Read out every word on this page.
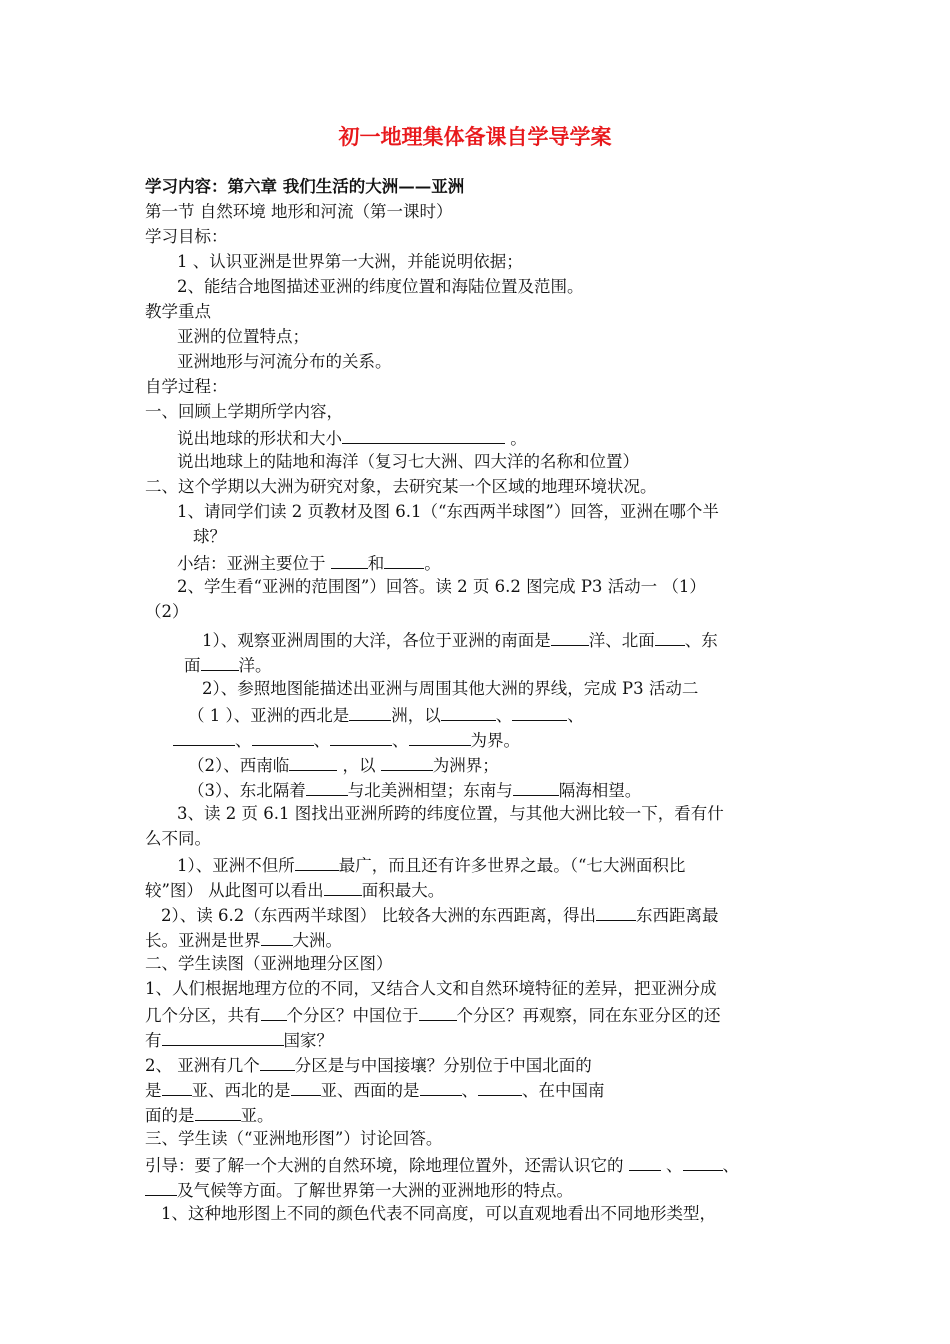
初一地理集体备课自学导学案
学习内容：第六章 我们生活的大洲——亚洲
第一节 自然环境 地形和河流（第一课时）
学习目标：
1 、认识亚洲是世界第一大洲，并能说明依据；
2、能结合地图描述亚洲的纬度位置和海陆位置及范围。
教学重点
亚洲的位置特点；
亚洲地形与河流分布的关系。
自学过程：
一、回顾上学期所学内容，
说出地球的形状和大小	。
说出地球上的陆地和海洋（复习七大洲、四大洋的名称和位置）
二、这个学期以大洲为研究对象，去研究某一个区域的地理环境状况。
1、请同学们读 2 页教材及图 6.1（“东西两半球图”）回答，亚洲在哪个半
球？
小结：亚洲主要位于 和 。
2、学生看“亚洲的范围图”）回答。读 2 页 6.2 图完成 P3 活动一 （1）
（2）
1）、观察亚洲周围的大洋，各位于亚洲的南面是 洋、北面 、东
面 洋。
2）、参照地图能描述出亚洲与周围其他大洲的界线，完成 P3 活动二
（ 1 ）、亚洲的西北是	洲，以	、	、
、	、	、	为界。
（2）、西南临	，以	为洲界；
（3）、东北隔着	与北美洲相望；东南与	隔海相望。
3、读 2 页 6.1 图找出亚洲所跨的纬度位置，与其他大洲比较一下，看有什
么不同。
1）、亚洲不但所	最广，而且还有许多世界之最。（“七大洲面积比
较”图） 从此图可以看出 面积最大。
2）、读 6.2（东西两半球图） 比较各大洲的东西距离，得出 东西距离最
长。亚洲是世界 大洲。
二、学生读图（亚洲地理分区图）
1、人们根据地理方位的不同，又结合人文和自然环境特征的差异，把亚洲分成
几个分区，共有 个分区？中国位于 个分区？再观察，同在东亚分区的还
有	国家？
2、 亚洲有几个 分区是与中国接壤？分别位于中国北面的
是 亚、西北的是 亚、西面的是	、	、在中国南
面的是	亚。
三、学生读（“亚洲地形图”）讨论回答。
引导：要了解一个大洲的自然环境，除地理位置外，还需认识它的  、 、
及气候等方面。了解世界第一大洲的亚洲地形的特点。
1、这种地形图上不同的颜色代表不同高度，可以直观地看出不同地形类型，
